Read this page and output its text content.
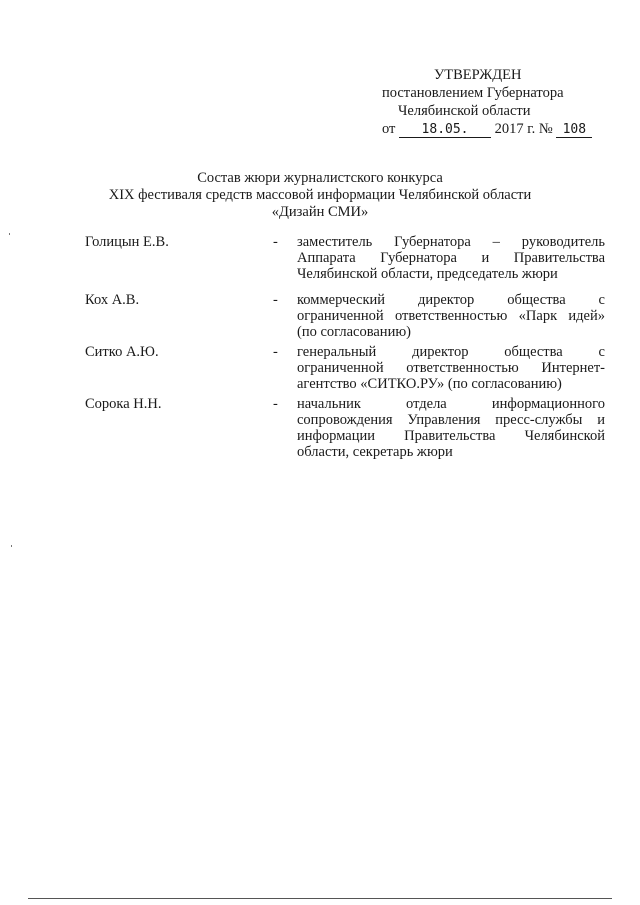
УТВЕРЖДЕН
постановлением Губернатора
Челябинской области
от 18.05. 2017 г. № 108
Состав жюри журналистского конкурса
XIX фестиваля средств массовой информации Челябинской области
«Дизайн СМИ»
Голицын Е.В.	- заместитель Губернатора – руководитель
Аппарата Губернатора и Правительства
Челябинской области, председатель жюри
Кох А.В.	- коммерческий директор общества с
ограниченной ответственностью «Парк идей»
(по согласованию)
Ситко А.Ю.	- генеральный директор общества с
ограниченной ответственностью Интернет-
агентство «СИТКО.РУ» (по согласованию)
Сорока Н.Н.	- начальник отдела информационного
сопровождения Управления пресс-службы и
информации Правительства Челябинской
области, секретарь жюри
